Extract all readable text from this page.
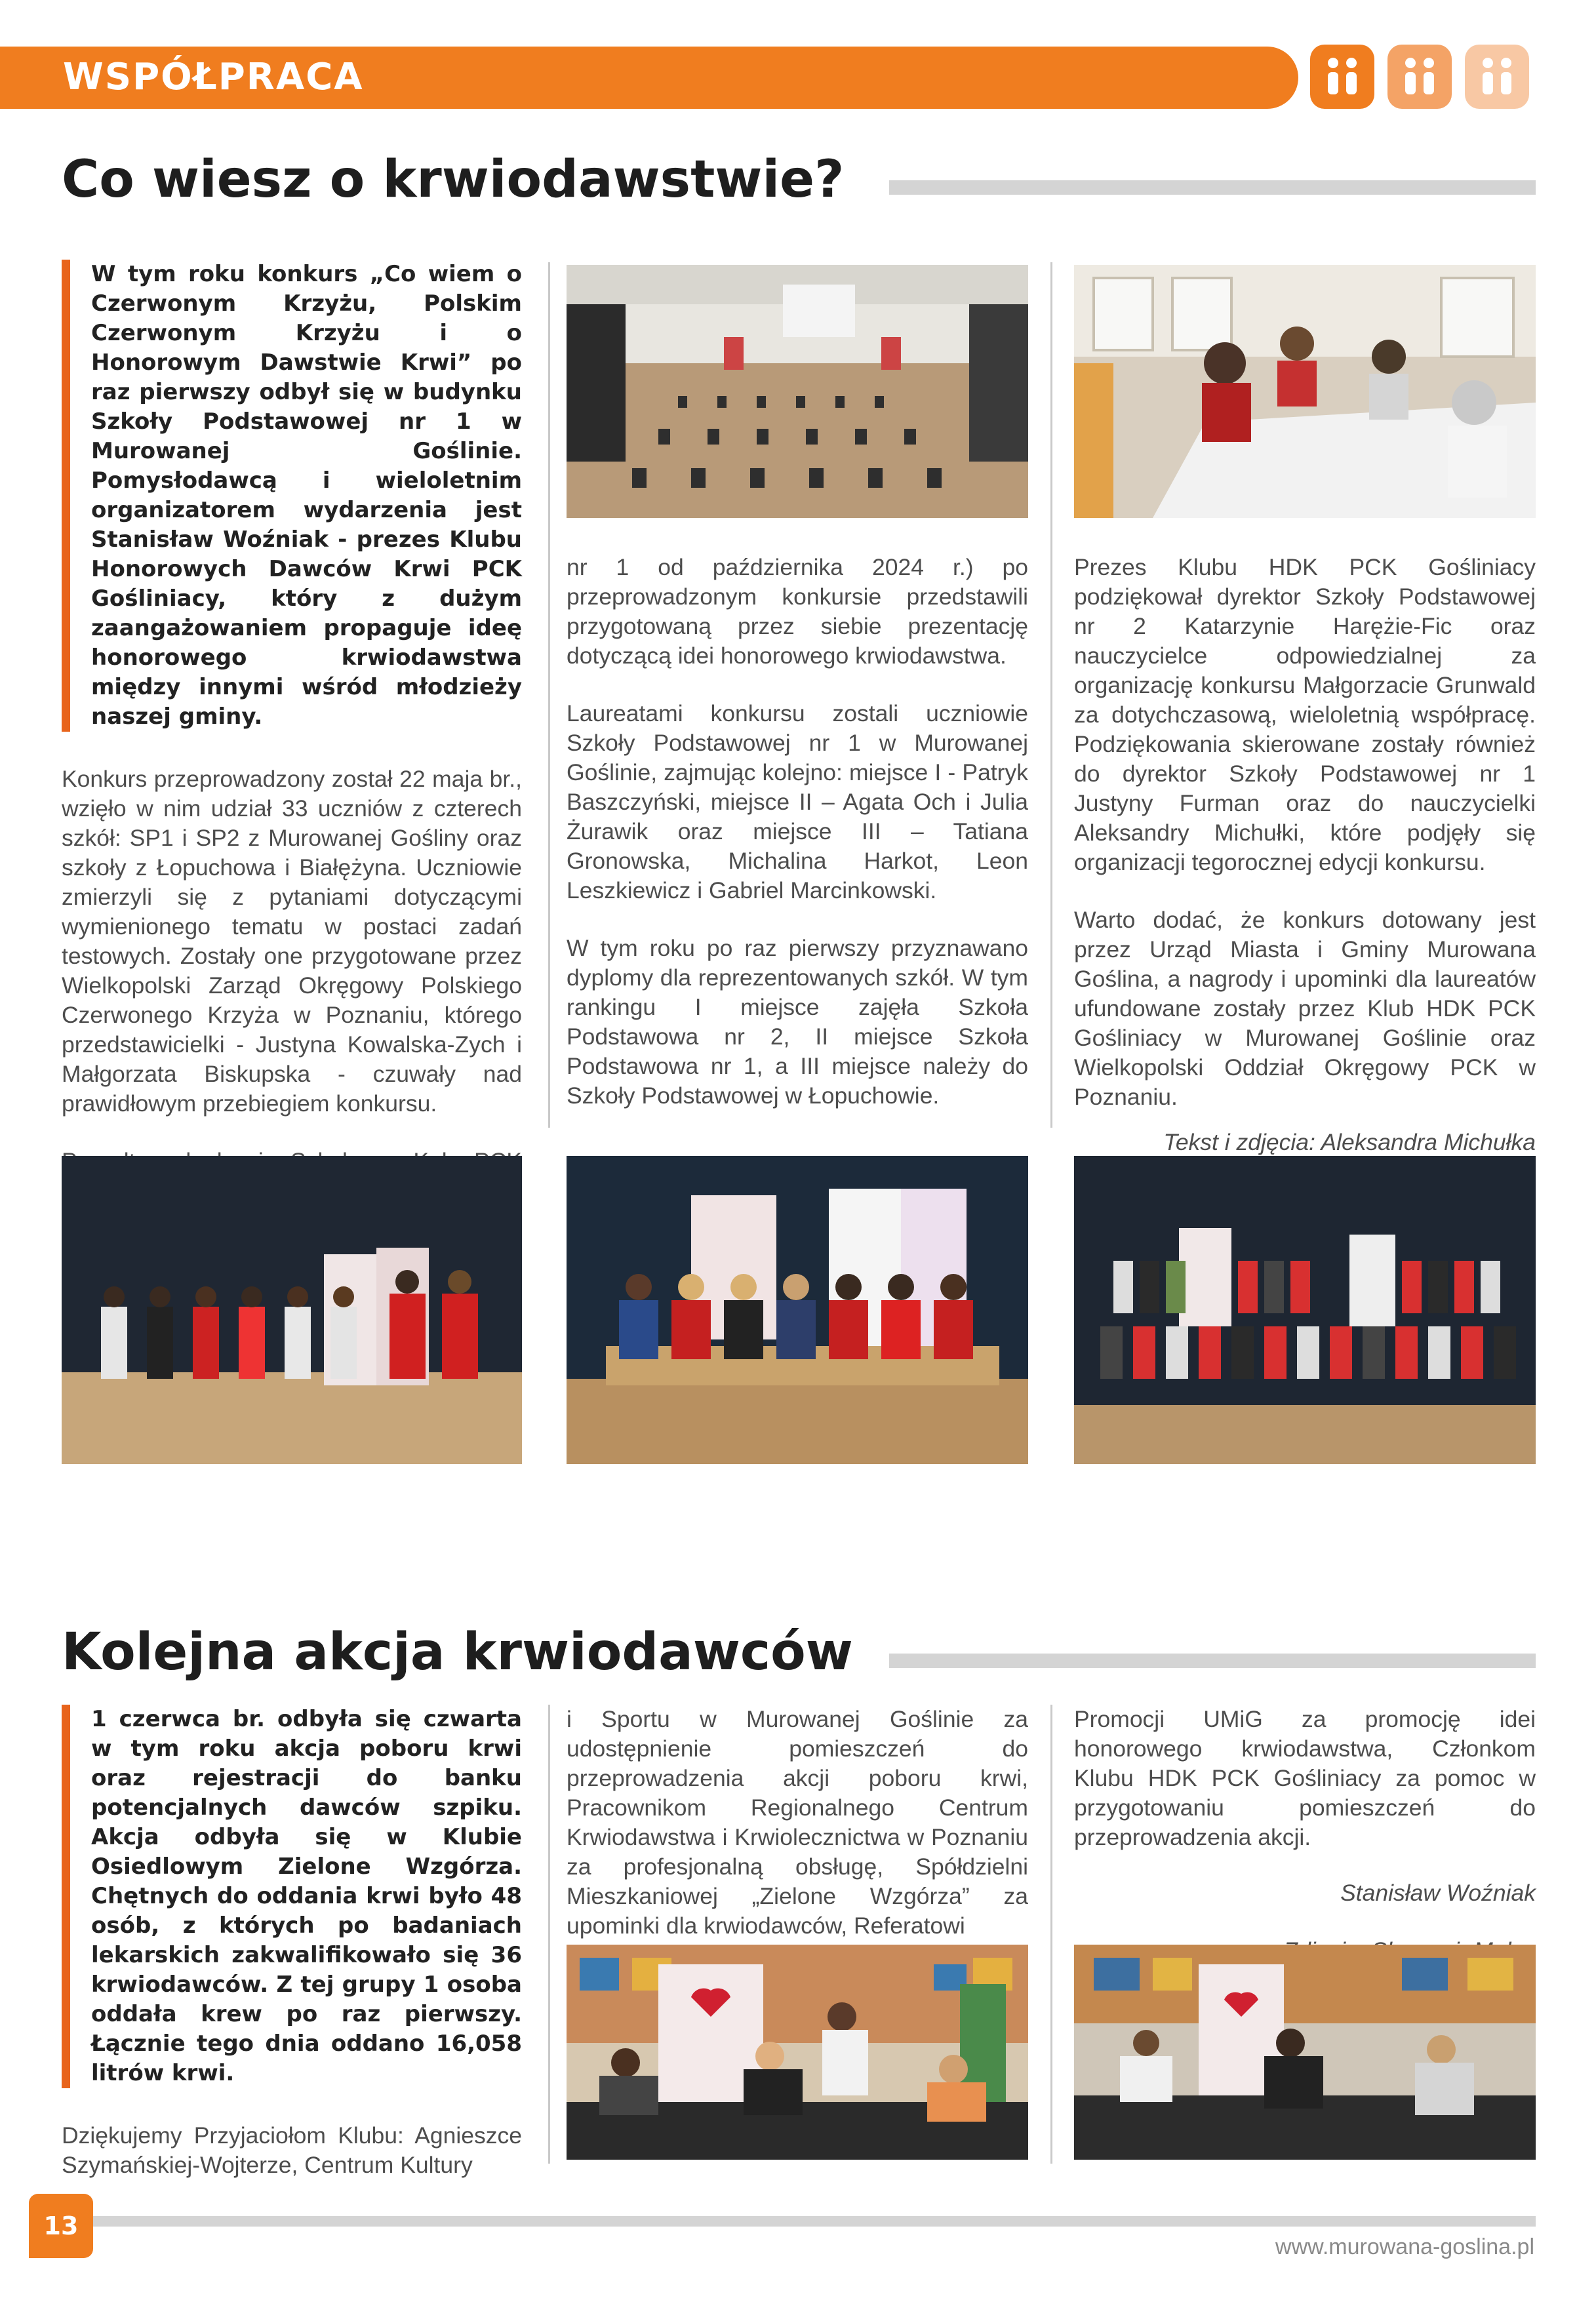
WSPÓŁPRACA
Co wiesz o krwiodawstwie?
W tym roku konkurs „Co wiem o Czerwonym Krzyżu, Polskim Czerwonym Krzyżu i o Honorowym Dawstwie Krwi” po raz pierwszy odbył się w budynku Szkoły Podstawowej nr 1 w Murowanej Goślinie. Pomysłodawcą i wieloletnim organizatorem wydarzenia jest Stanisław Woźniak - prezes Klubu Honorowych Dawców Krwi PCK Gośliniacy, który z dużym zaangażowaniem propaguje ideę honorowego krwiodawstwa między innymi wśród młodzieży naszej gminy.

Konkurs przeprowadzony został 22 maja br., wzięło w nim udział 33 uczniów z czterech szkół: SP1 i SP2 z Murowanej Gośliny oraz szkoły z Łopuchowa i Białężyna. Uczniowie zmierzyli się z pytaniami dotyczącymi wymienionego tematu w postaci zadań testowych. Zostały one przygotowane przez Wielkopolski Zarząd Okręgowy Polskiego Czerwonego Krzyża w Poznaniu, którego przedstawicielki - Justyna Kowalska-Zych i Małgorzata Biskupska - czuwały nad prawidłowym przebiegiem konkursu.

nr 1 od października 2024 r.) po przeprowadzonym konkursie przedstawili przygotowaną przez siebie prezentację dotyczącą idei honorowego krwiodawstwa.

Laureatami konkursu zostali uczniowie Szkoły Podstawowej nr 1 w Murowanej Goślinie, zajmując kolejno: miejsce I - Patryk Baszczyński, miejsce II – Agata Och i Julia Żurawik oraz miejsce III – Tatiana Gronowska, Michalina Harkot, Leon Leszkiewicz i Gabriel Marcinkowski.

W tym roku po raz pierwszy przyznawano dyplomy dla reprezentowanych szkół. W tym rankingu I miejsce zajęła Szkoła Podstawowa nr 2, II miejsce Szkoła Podstawowa nr 1, a III miejsce należy do Szkoły Podstawowej w Łopuchowie.

Prezes Klubu HDK PCK Gośliniacy podziękował dyrektor Szkoły Podstawowej nr 2 Katarzynie Harężie-Fic oraz nauczycielce odpowiedzialnej za organizację konkursu Małgorzacie Grunwald za dotychczasową, wieloletnią współpracę. Podziękowania skierowane zostały również do dyrektor Szkoły Podstawowej nr 1 Justyny Furman oraz do nauczycielki Aleksandry Michułki, które podjęły się organizacji tegorocznej edycji konkursu.

Warto dodać, że konkurs dotowany jest przez Urząd Miasta i Gminy Murowana Goślina, a nagrody i upominki dla laureatów ufundowane zostały przez Klub HDK PCK Gośliniacy w Murowanej Goślinie oraz Wielkopolski Oddział Okręgowy PCK w Poznaniu.

Tekst i zdjęcia: Aleksandra Michułka

Kolejna akcja krwiodawców
1 czerwca br. odbyła się czwarta w tym roku akcja poboru krwi oraz rejestracji do banku potencjalnych dawców szpiku. Akcja odbyła się w Klubie Osiedlowym Zielone Wzgórza. Chętnych do oddania krwi było 48 osób, z których po badaniach lekarskich zakwalifikowało się 36 krwiodawców. Z tej grupy 1 osoba oddała krew po raz pierwszy. Łącznie tego dnia oddano 16,058 litrów krwi.

Dziękujemy Przyjaciołom Klubu: Agnieszce Szymańskiej-Wojterze, Centrum Kultury

i Sportu w Murowanej Goślinie za udostępnienie pomieszczeń do przeprowadzenia akcji poboru krwi, Pracownikom Regionalnego Centrum Krwiodawstwa i Krwiolecznictwa w Poznaniu za profesjonalną obsługę, Spółdzielni Mieszkaniowej „Zielone Wzgórza” za upominki dla krwiodawców, Referatowi

Promocji UMiG za promocję idei honorowego krwiodawstwa, Członkom Klubu HDK PCK Gośliniacy za pomoc w przygotowaniu pomieszczeń do przeprowadzenia akcji.

Stanisław Woźniak

13
www.murowana-goslina.pl
